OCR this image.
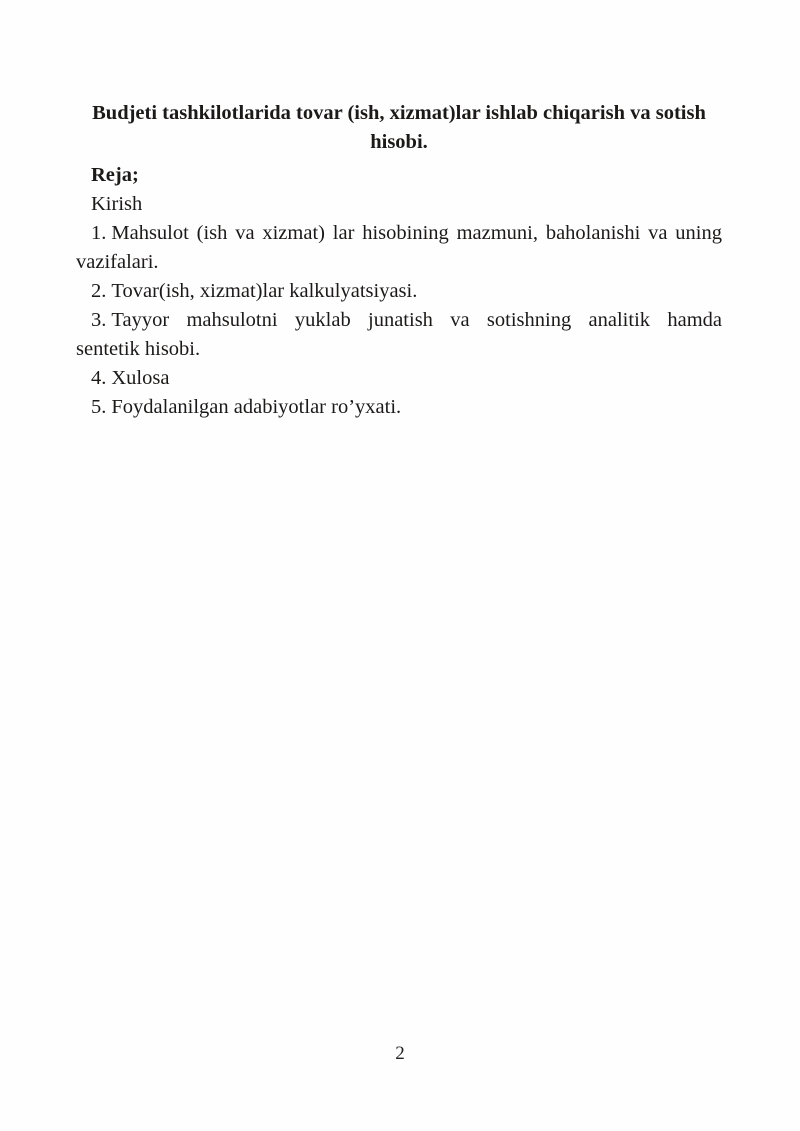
Budjeti tashkilotlarida tovar (ish, xizmat)lar ishlab chiqarish va sotish
hisobi.
Reja;
Kirish
1. Mahsulot (ish va xizmat) lar hisobining mazmuni, baholanishi va uning
vazifalari.
2. Tovar(ish, xizmat)lar kalkulyatsiyasi.
3. Tayyor mahsulotni yuklab junatish va sotishning analitik hamda
sentetik hisobi.
4. Xulosa
5. Foydalanilgan adabiyotlar ro’yxati.
2
